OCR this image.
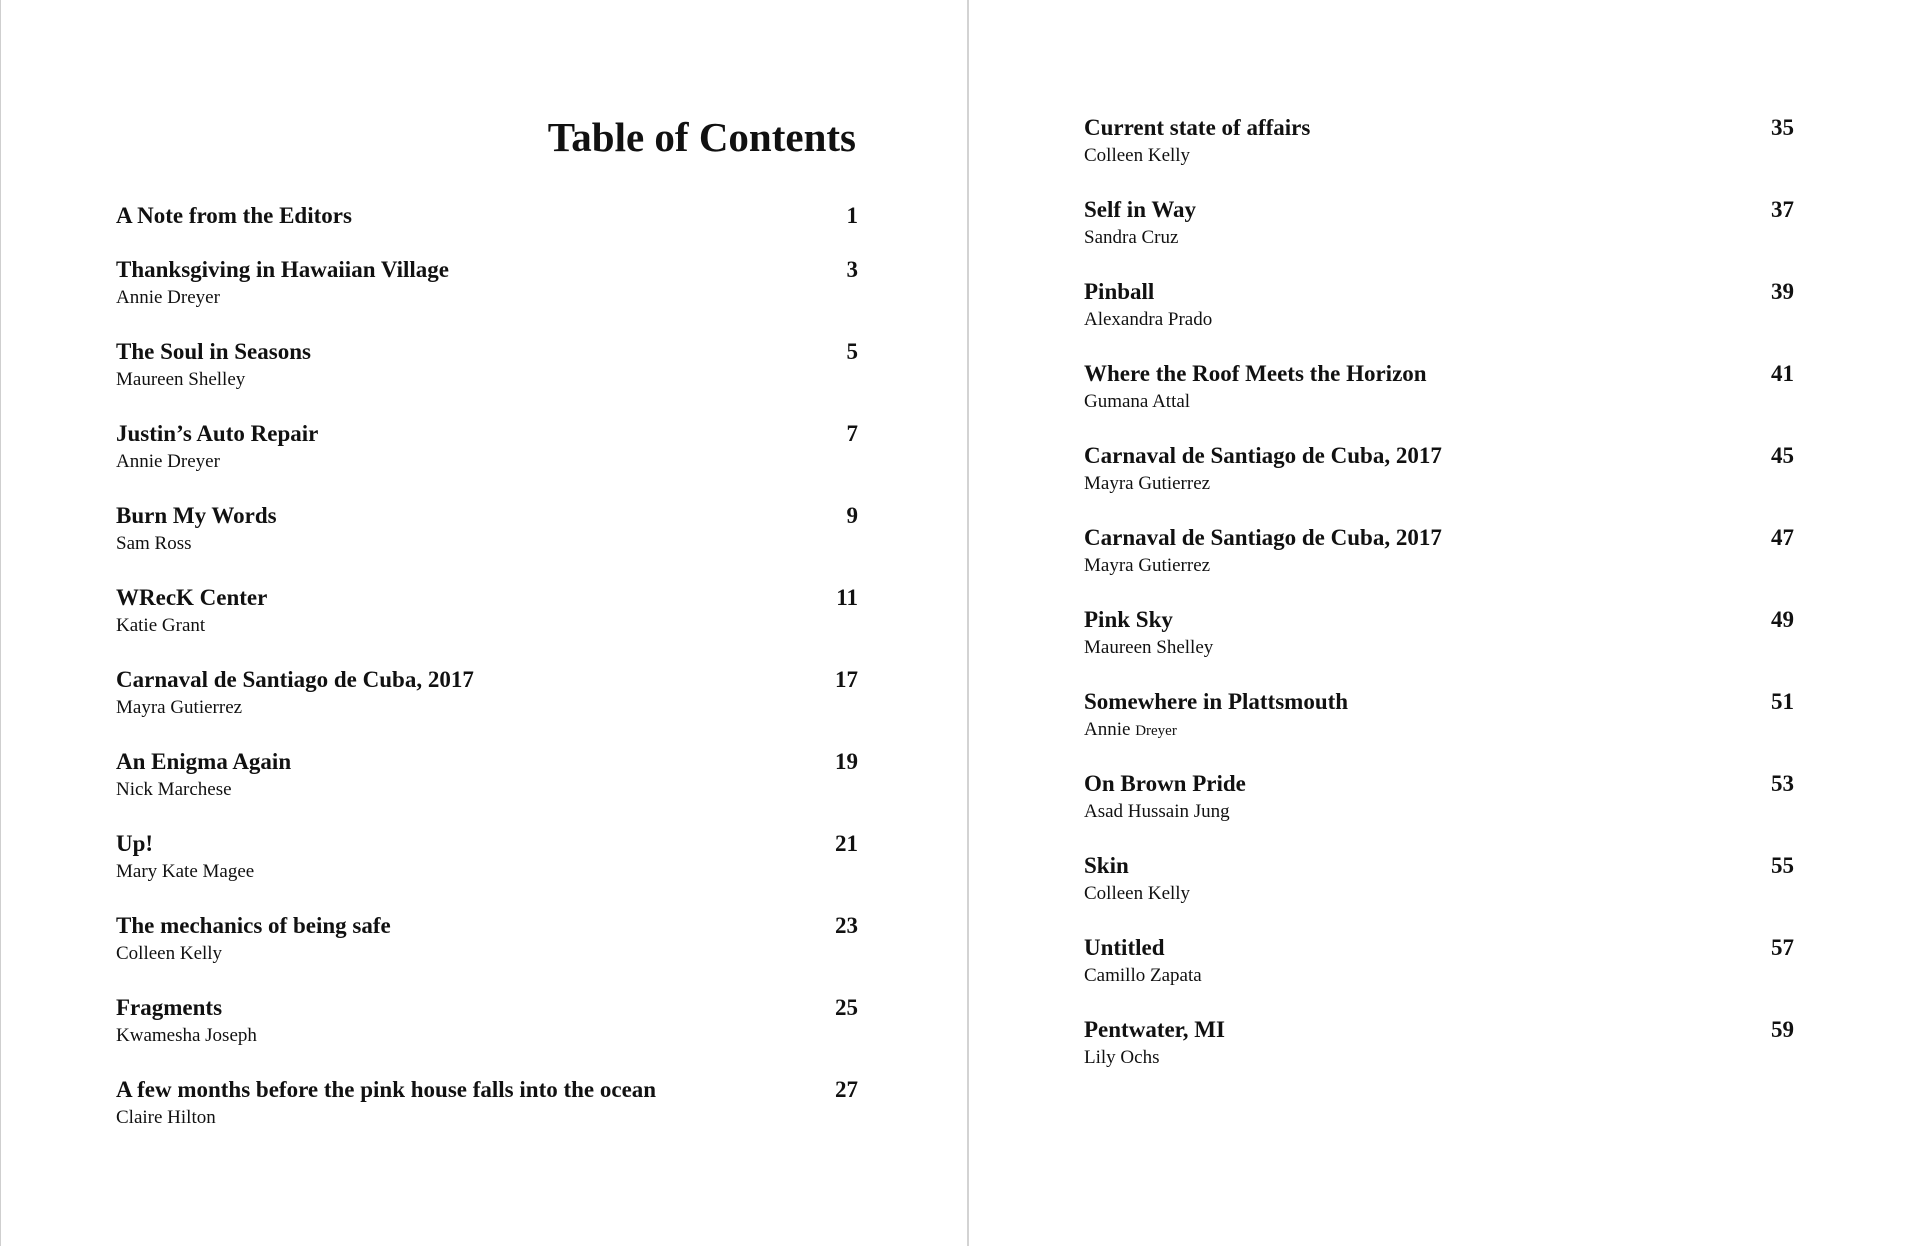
Table of Contents
A Note from the Editors	1
Thanksgiving in Hawaiian Village
Annie Dreyer
3
The Soul in Seasons
Maureen Shelley
5
Justin’s Auto Repair
Annie Dreyer
7
Burn My Words
Sam Ross
9
WRecK Center
Katie Grant
11
Carnaval de Santiago de Cuba, 2017
Mayra Gutierrez
17
An Enigma Again
Nick Marchese
19
Up!
Mary Kate Magee
21
The mechanics of being safe
Colleen Kelly
23
Fragments
Kwamesha Joseph
25
A few months before the pink house falls into the ocean
Claire Hilton
27
Current state of affairs
Colleen Kelly
35
Self in Way
Sandra Cruz
37
Pinball
Alexandra Prado
39
Where the Roof Meets the Horizon
Gumana Attal
41
Carnaval de Santiago de Cuba, 2017
Mayra Gutierrez
45
Carnaval de Santiago de Cuba, 2017
Mayra Gutierrez
47
Pink Sky
Maureen Shelley
49
Somewhere in Plattsmouth
Annie Dreyer
51
On Brown Pride
Asad Hussain Jung
53
Skin
Colleen Kelly
55
Untitled
Camillo Zapata
57
Pentwater, MI
Lily Ochs
59
